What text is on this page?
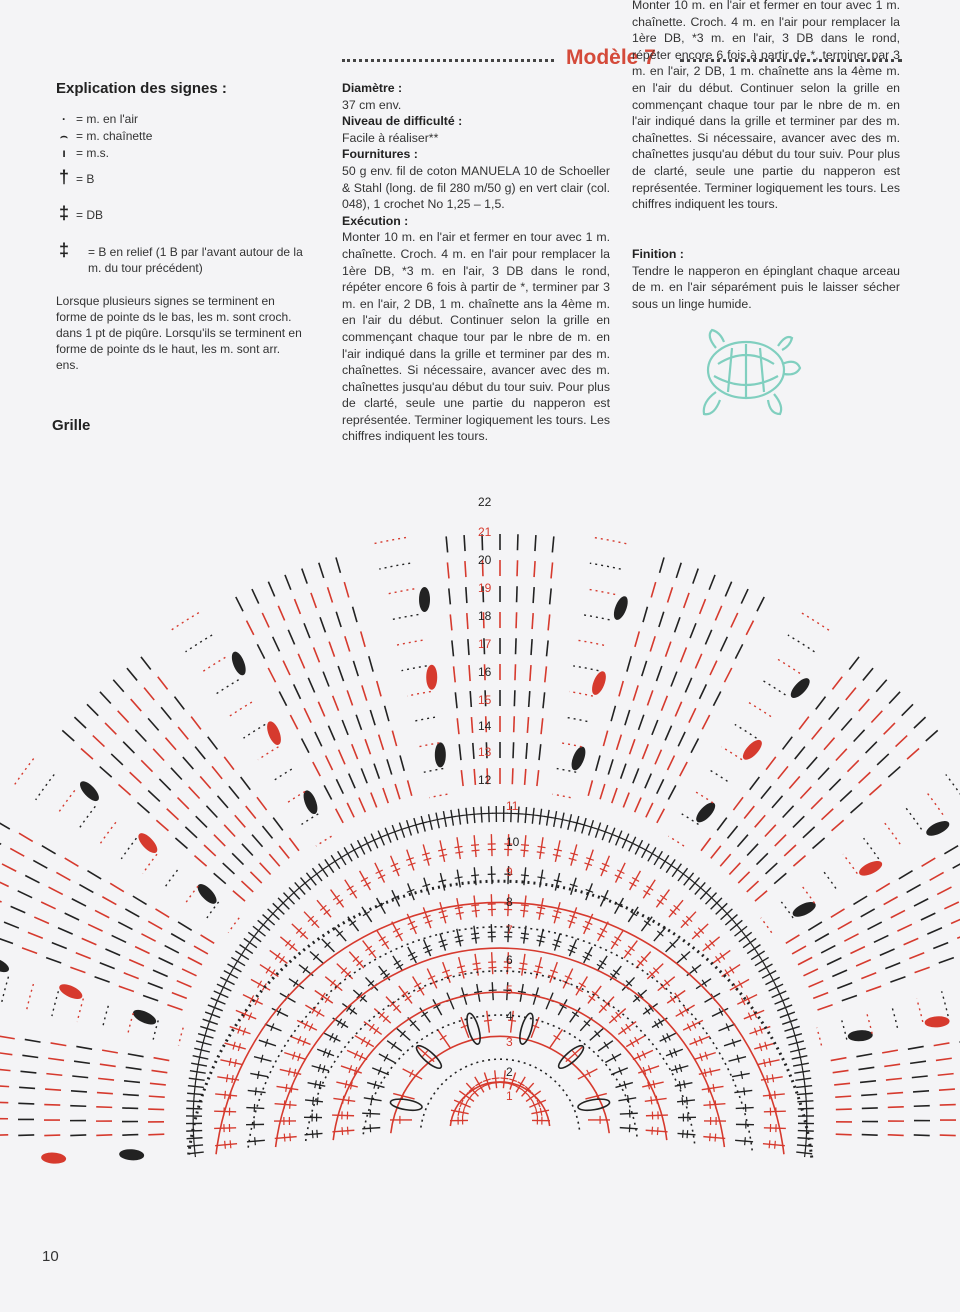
Modèle 7
Explication des signes :
· = m. en l'air
⌢ = m. chaînette
ı = m.s.
† = B
‡ = DB
‡	= B en relief (1 B par l'avant autour de la m. du tour précédent)
Lorsque plusieurs signes se terminent en forme de pointe ds le bas, les m. sont croch. dans 1 pt de piqûre. Lorsqu'ils se terminent en forme de pointe ds le haut, les m. sont arr. ens.
Grille
Diamètre :
37 cm env.
Niveau de difficulté :
Facile à réaliser**
Fournitures :
50 g env. fil de coton MANUELA 10 de Schoeller & Stahl (long. de fil 280 m/50 g) en vert clair (col. 048), 1 crochet No 1,25 – 1,5.
Exécution :
Monter 10 m. en l'air et fermer en tour avec 1 m. chaînette. Croch. 4 m. en l'air pour remplacer la 1ère DB, *3 m. en l'air, 3 DB dans le rond, répéter encore 6 fois à partir de *, terminer par 3 m. en l'air, 2 DB, 1 m. chaînette ans la 4ème m. en l'air du début. Continuer selon la grille en commençant chaque tour par le nbre de m. en l'air indiqué dans la grille et terminer par des m. chaînettes. Si nécessaire, avancer avec des m. chaînettes jusqu'au début du tour suiv. Pour plus de clarté, seule une partie du napperon est représentée. Terminer logiquement les tours. Les chiffres indiquent les tours.
Monter 10 m. en l'air et fermer en tour avec 1 m. chaînette. Croch. 4 m. en l'air pour remplacer la 1ère DB, *3 m. en l'air, 3 DB dans le rond, répéter encore 6 fois à partir de *, terminer par 3 m. en l'air, 2 DB, 1 m. chaînette ans la 4ème m. en l'air du début. Continuer selon la grille en commençant chaque tour par le nbre de m. en l'air indiqué dans la grille et terminer par des m. chaînettes. Si nécessaire, avancer avec des m. chaînettes jusqu'au début du tour suiv. Pour plus de clarté, seule une partie du napperon est représentée. Terminer logiquement les tours. Les chiffres indiquent les tours.
Finition :
Tendre le napperon en épinglant chaque arceau de m. en l'air séparément puis le laisser sécher sous un linge humide.
1
2
3
4
5
6
7
8
9
10
11
12
13
14
15
16
17
18
19
20
21
22
10
